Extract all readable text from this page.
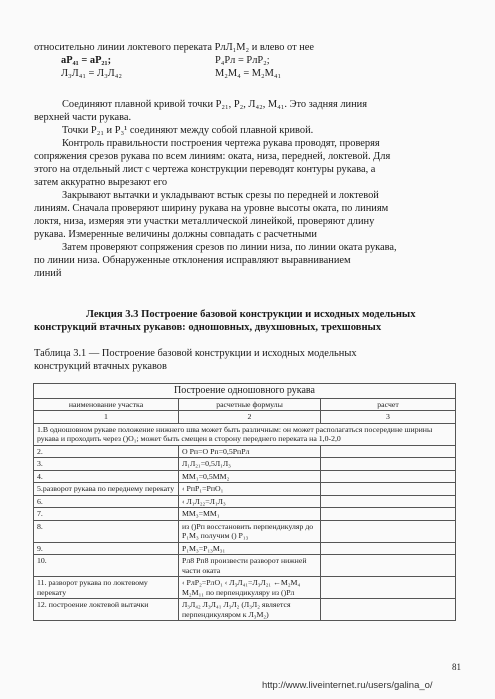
относительно линии локтевого переката РлЛ₁М₂ и влево от нее
аР₄₁ = аР₂₁;	Р₄Рл = РлР₂;
Л₃Л₄₁ = Л₃Л₄₂	М₂М₄ = М₂М₄₁
Соединяют плавной кривой точки Р₂₁, Р₂, Л₄₂, М₄₁. Это задняя линия
верхней части рукава.
Точки Р₂₁ и Р₃¹ соединяют между собой плавной кривой.
Контроль правильности построения чертежа рукава проводят, проверяя
сопряжения срезов рукава по всем линиям: оката, низа, передней, локтевой. Для
этого на отдельный лист с чертежа конструкции переводят контуры рукава, а
затем аккуратно вырезают его
Закрывают вытачки и укладывают встык срезы по передней и локтевой
линиям. Сначала проверяют ширину рукава на уровне высоты оката, по линиям
локтя, низа, измеряя эти участки металлической линейкой, проверяют длину
рукава. Измеренные величины должны совпадать с расчетными
Затем проверяют сопряжения срезов по линии низа, по линии оката рукава,
по линии низа. Обнаруженные отклонения исправляют выравниванием
линий
Лекция 3.3 Построение базовой конструкции и исходных модельных
конструкций втачных рукавов: одношовных, двухшовных, трехшовных
Таблица 3.1 — Построение базовой конструкции и исходных модельных
конструкций втачных рукавов
Построение одношовного рукава		
наименование участка	расчетные формулы	расчет
1	2	3
1.В одношовном рукаве положение нижнего шва может быть различным: он может располагаться посередине ширины рукава и проходить через ()О₁; может быть смещен в сторону переднего переката на 1,0-2,0		
2.	О Рп=О Рп=0,5РпРл	
3.	Л₁Л₂₁=0,5Л₁Л₃	
4.	ММ₁=0,5ММ₂	
5.разворот рукава по переднему перекату	‹ РпР₁=РпО₁	
6.	‹ Л₁Л₂₂=Л₁Л₃	
7.	ММ₃=ММ₁	
8.	из ()Рп восстановить перпендикуляр до Р₁М₃ получим () Р₁₃	
9.	Р₁М₃=Р₁₃М₃₁	
10.	Рл8 Рп8 произвести разворот нижней части оката	
11. разворот рукава по локтевому перекату	‹ РлР₂=РлО₁ ‹ Л₃Л₄₁=Л₃Л₂₁ ←М₂М₄ М₂М₁₁ по перпендикуляру из ()Рл	
12. построение локтевой вытачки	Л₃Л₄₂ Л₃Л₄₁ Л₃Л₂ (Л₃Л₂ является перпендикуляром к Л₃М₂)	
81
http://www.liveinternet.ru/users/galina_o/
